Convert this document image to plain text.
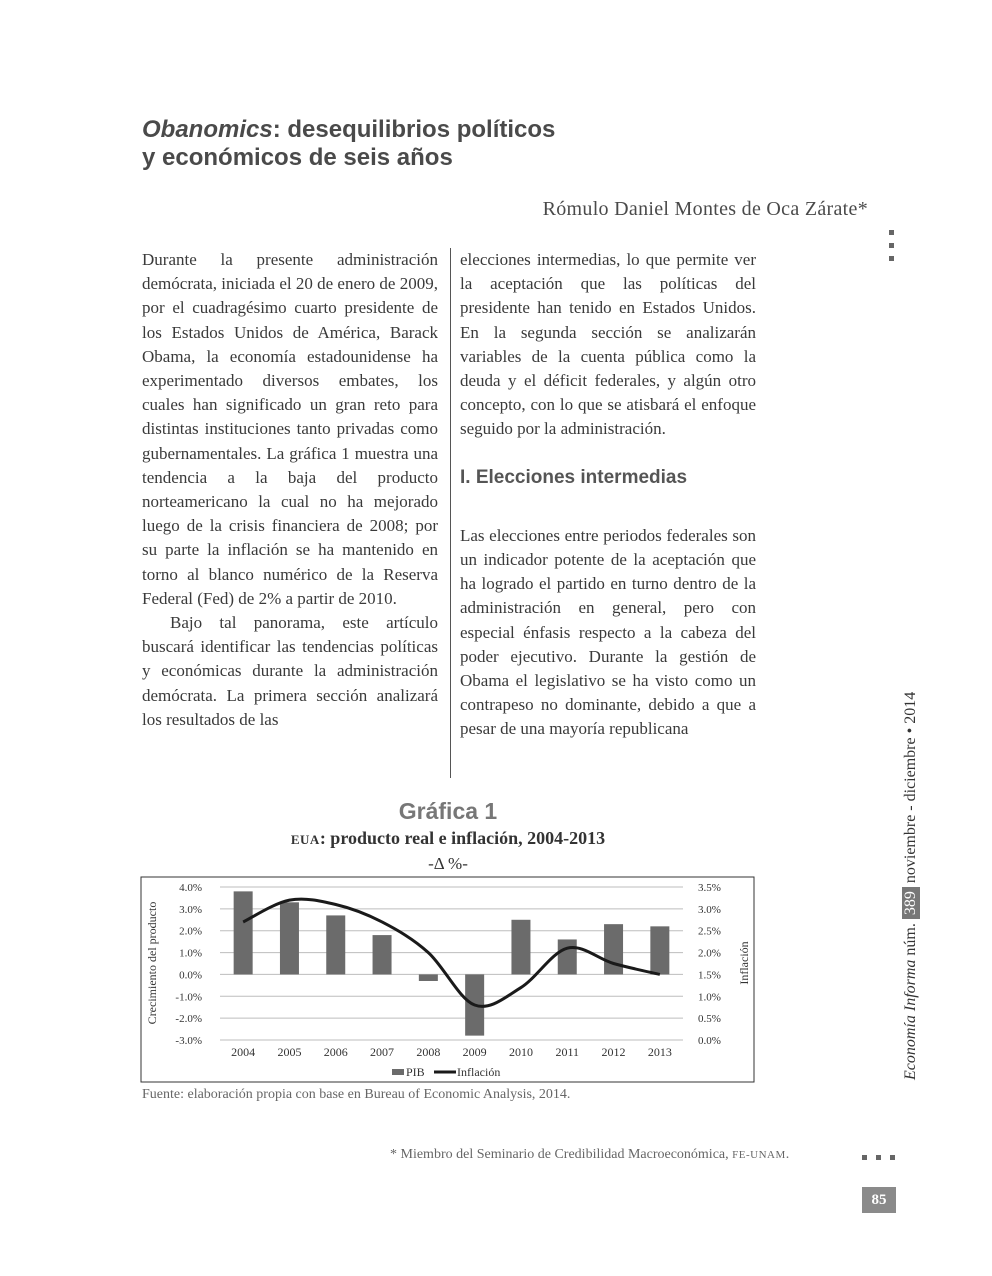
Obanomics: desequilibrios políticos
y económicos de seis años
Rómulo Daniel Montes de Oca Zárate*

Durante la presente administración demócrata, iniciada el 20 de enero de 2009, por el cuadragésimo cuarto presidente de los Estados Unidos de América, Barack Obama, la economía estadounidense ha experimentado diversos embates, los cuales han significado un gran reto para distintas instituciones tanto privadas como gubernamentales. La gráfica 1 muestra una tendencia a la baja del producto norteamericano la cual no ha mejorado luego de la crisis financiera de 2008; por su parte la inflación se ha mantenido en torno al blanco numérico de la Reserva Federal (Fed) de 2% a partir de 2010.

Bajo tal panorama, este artículo buscará identificar las tendencias políticas y económicas durante la administración demócrata. La primera sección analizará los resultados de las

elecciones intermedias, lo que permite ver la aceptación que las políticas del presidente han tenido en Estados Unidos. En la segunda sección se analizarán variables de la cuenta pública como la deuda y el déficit federales, y algún otro concepto, con lo que se atisbará el enfoque seguido por la administración.

I. Elecciones intermedias

Las elecciones entre periodos federales son un indicador potente de la aceptación que ha logrado el partido en turno dentro de la administración en general, pero con especial énfasis respecto a la cabeza del poder ejecutivo. Durante la gestión de Obama el legislativo se ha visto como un contrapeso no dominante, debido a que a pesar de una mayoría republicana

Gráfica 1
EUA: producto real e inflación, 2004-2013
-Δ %-
4.0%
3.0%
2.0%
1.0%
0.0%
-1.0%
-2.0%
-3.0%
3.5%
3.0%
2.5%
2.0%
1.5%
1.0%
0.5%
0.0%
2004 2005 2006 2007 2008 2009 2010 2011 2012 2013
Crecimiento del producto	Inflación
PIB	Inflación
Fuente: elaboración propia con base en Bureau of Economic Analysis, 2014.
* Miembro del Seminario de Credibilidad Macroeconómica, FE-UNAM.
85
Economía Informa núm.389noviembre - diciembre • 2014
